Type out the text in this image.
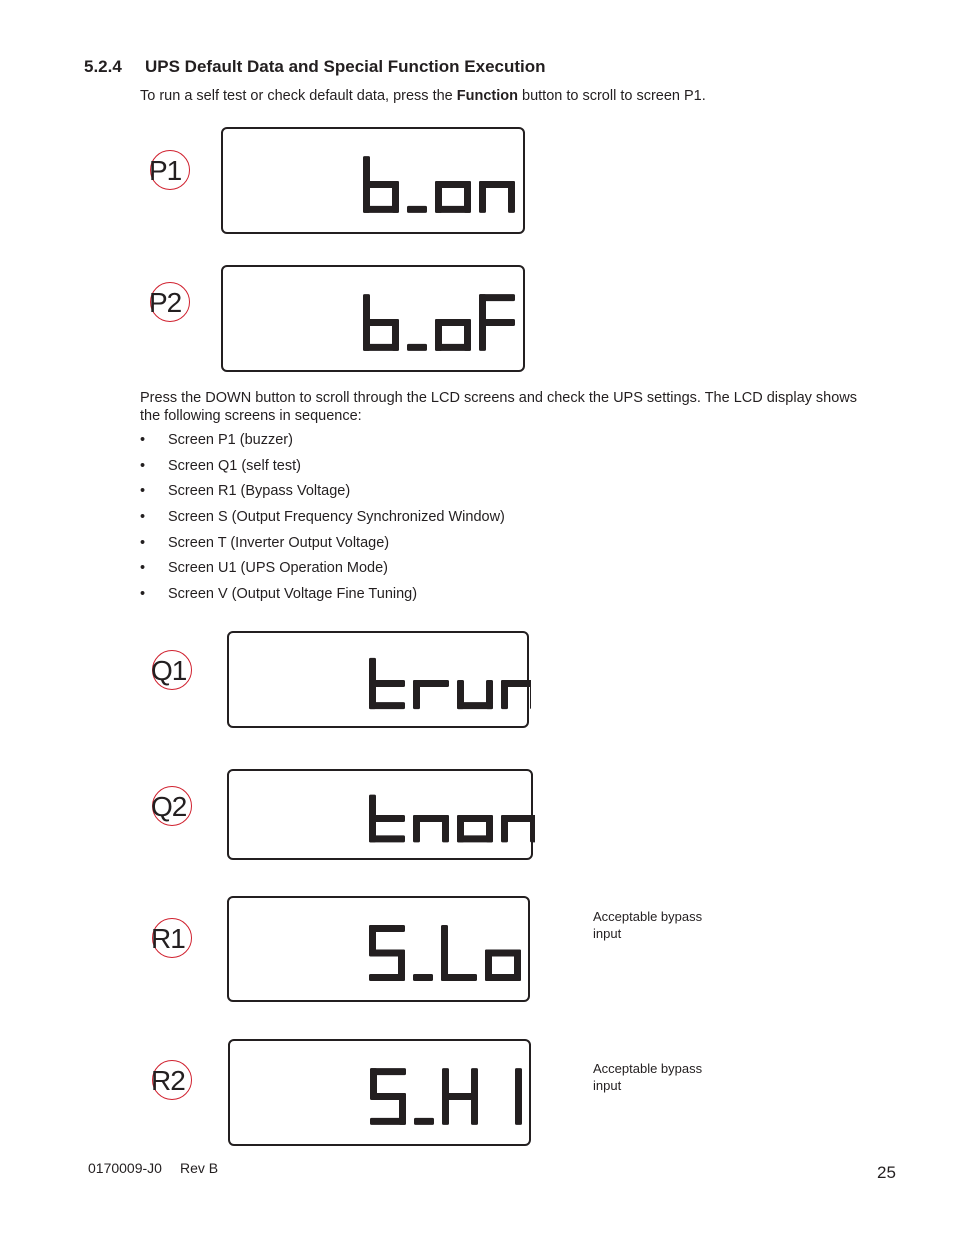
5.2.4 UPS Default Data and Special Function Execution

To run a self test or check default data, press the Function button to scroll to screen P1.

P1
P2

Press the DOWN button to scroll through the LCD screens and check the UPS settings. The LCD display shows the following screens in sequence:

• Screen P1 (buzzer)
• Screen Q1 (self test)
• Screen R1 (Bypass Voltage)
• Screen S (Output Frequency Synchronized Window)
• Screen T (Inverter Output Voltage)
• Screen U1 (UPS Operation Mode)
• Screen V (Output Voltage Fine Tuning)
Q1
Q2
R1

Acceptable bypass input

R2	Acceptable bypass input

0170009-J0 Rev B	25
